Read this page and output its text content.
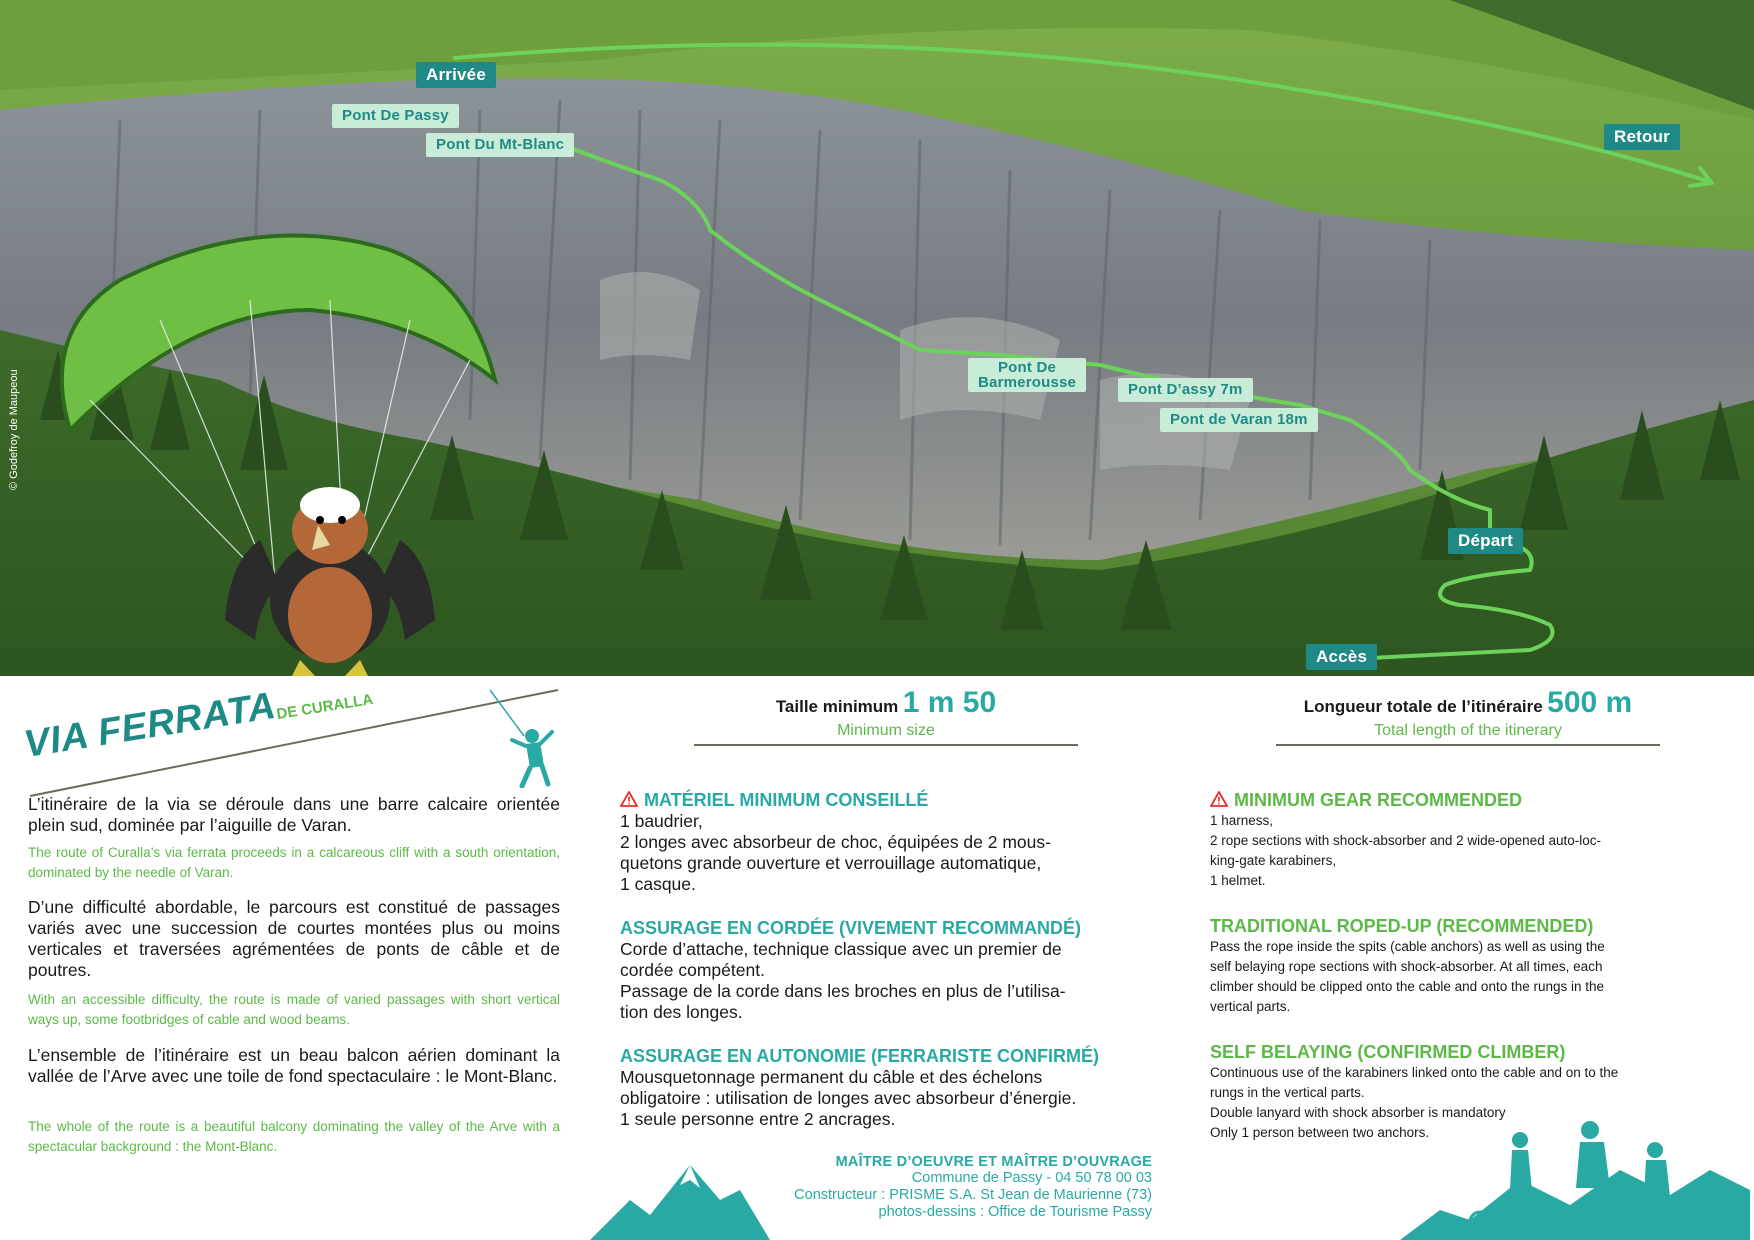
© Godefroy de Maupeou
Arrivée
Pont De Passy
Pont Du Mt-Blanc	Retour
Pont De
Barmerousse	Pont D’assy 7m
Pont de Varan 18m
Départ
Accès
VIA FERRATA
DE CURALLA
L’itinéraire de la via se déroule dans une barre calcaire orientée plein sud, dominée par l’aiguille de Varan.
The route of Curalla’s via ferrata proceeds in a calcareous cliff with a south orientation, dominated by the needle of Varan.
D’une difficulté abordable, le parcours est constitué de passages variés avec une succession de courtes montées plus ou moins verticales et traversées agrémentées de ponts de câble et de poutres.
With an accessible difficulty, the route is made of varied passages with short vertical ways up, some footbridges of cable and wood beams.
L’ensemble de l’itinéraire est un beau balcon aérien dominant la vallée de l’Arve avec une toile de fond spectaculaire : le Mont-Blanc.
The whole of the route is a beautiful balcony dominating the valley of the Arve with a spectacular background : the Mont-Blanc.
Taille minimum 1 m 50
Minimum size
Longueur totale de l’itinéraire 500 m
Total length of the itinerary
MATÉRIEL MINIMUM CONSEILLÉ
1 baudrier,
2 longes avec absorbeur de choc, équipées de 2 mous-
quetons grande ouverture et verrouillage automatique,
1 casque.
ASSURAGE EN CORDÉE (VIVEMENT RECOMMANDÉ)
Corde d’attache, technique classique avec un premier de
cordée compétent.
Passage de la corde dans les broches en plus de l’utilisa-
tion des longes.
ASSURAGE EN AUTONOMIE (FERRARISTE CONFIRMÉ)
Mousquetonnage permanent du câble et des échelons
obligatoire : utilisation de longes avec absorbeur d’énergie.
1 seule personne entre 2 ancrages.
MINIMUM GEAR RECOMMENDED
1 harness,
2 rope sections with shock-absorber and 2 wide-opened auto-loc-
king-gate karabiners,
1 helmet.
TRADITIONAL ROPED-UP (RECOMMENDED)
Pass the rope inside the spits (cable anchors) as well as using the
self belaying rope sections with shock-absorber. At all times, each
climber should be clipped onto the cable and onto the rungs in the
vertical parts.
SELF BELAYING (CONFIRMED CLIMBER)
Continuous use of the karabiners linked onto the cable and on to the
rungs in the vertical parts.
Double lanyard with shock absorber is mandatory
Only 1 person between two anchors.
MAÎTRE D’OEUVRE ET MAÎTRE D’OUVRAGE
Commune de Passy - 04 50 78 00 03
Constructeur : PRISME S.A. St Jean de Maurienne (73)
photos-dessins : Office de Tourisme Passy
